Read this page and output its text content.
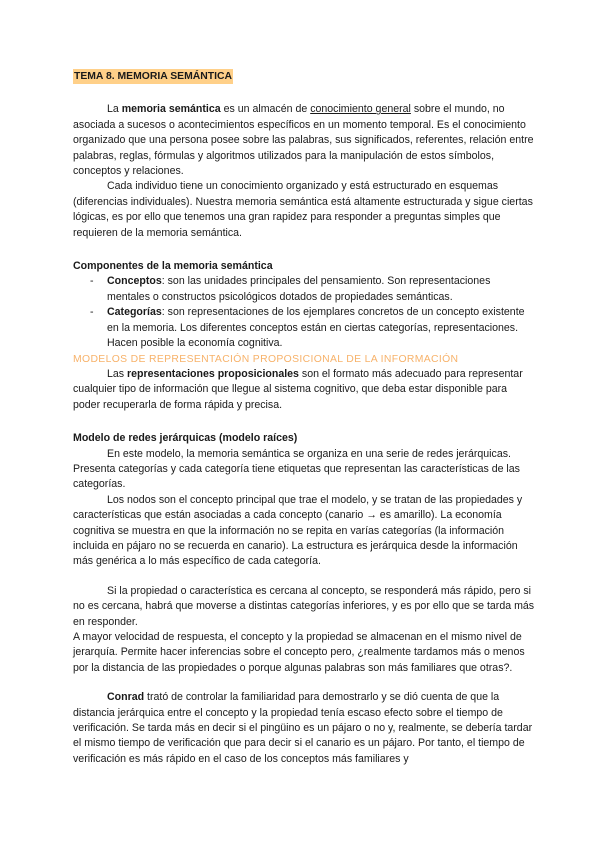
TEMA 8. MEMORIA SEMÁNTICA

La memoria semántica es un almacén de conocimiento general sobre el mundo, no asociada a sucesos o acontecimientos específicos en un momento temporal. Es el conocimiento organizado que una persona posee sobre las palabras, sus significados, referentes, relación entre palabras, reglas, fórmulas y algoritmos utilizados para la manipulación de estos símbolos, conceptos y relaciones.

Cada individuo tiene un conocimiento organizado y está estructurado en esquemas (diferencias individuales). Nuestra memoria semántica está altamente estructurada y sigue ciertas lógicas, es por ello que tenemos una gran rapidez para responder a preguntas simples que requieren de la memoria semántica.

Componentes de la memoria semántica
- Conceptos: son las unidades principales del pensamiento. Son representaciones mentales o constructos psicológicos dotados de propiedades semánticas.
- Categorías: son representaciones de los ejemplares concretos de un concepto existente en la memoria. Los diferentes conceptos están en ciertas categorías, representaciones. Hacen posible la economía cognitiva.
MODELOS DE REPRESENTACIÓN PROPOSICIONAL DE LA INFORMACIÓN

Las representaciones proposicionales son el formato más adecuado para representar cualquier tipo de información que llegue al sistema cognitivo, que deba estar disponible para poder recuperarla de forma rápida y precisa.

Modelo de redes jerárquicas (modelo raíces)

En este modelo, la memoria semántica se organiza en una serie de redes jerárquicas. Presenta categorías y cada categoría tiene etiquetas que representan las características de las categorías.

Los nodos son el concepto principal que trae el modelo, y se tratan de las propiedades y características que están asociadas a cada concepto (canario → es amarillo). La economía cognitiva se muestra en que la información no se repita en varías categorías (la información incluida en pájaro no se recuerda en canario). La estructura es jerárquica desde la información más genérica a lo más específico de cada categoría.

Si la propiedad o característica es cercana al concepto, se responderá más rápido, pero si no es cercana, habrá que moverse a distintas categorías inferiores, y es por ello que se tarda más en responder.

A mayor velocidad de respuesta, el concepto y la propiedad se almacenan en el mismo nivel de jerarquía. Permite hacer inferencias sobre el concepto pero, ¿realmente tardamos más o menos por la distancia de las propiedades o porque algunas palabras son más familiares que otras?.

Conrad trató de controlar la familiaridad para demostrarlo y se dió cuenta de que la distancia jerárquica entre el concepto y la propiedad tenía escaso efecto sobre el tiempo de verificación. Se tarda más en decir si el pingüino es un pájaro o no y, realmente, se debería tardar el mismo tiempo de verificación que para decir si el canario es un pájaro. Por tanto, el tiempo de verificación es más rápido en el caso de los conceptos más familiares y
